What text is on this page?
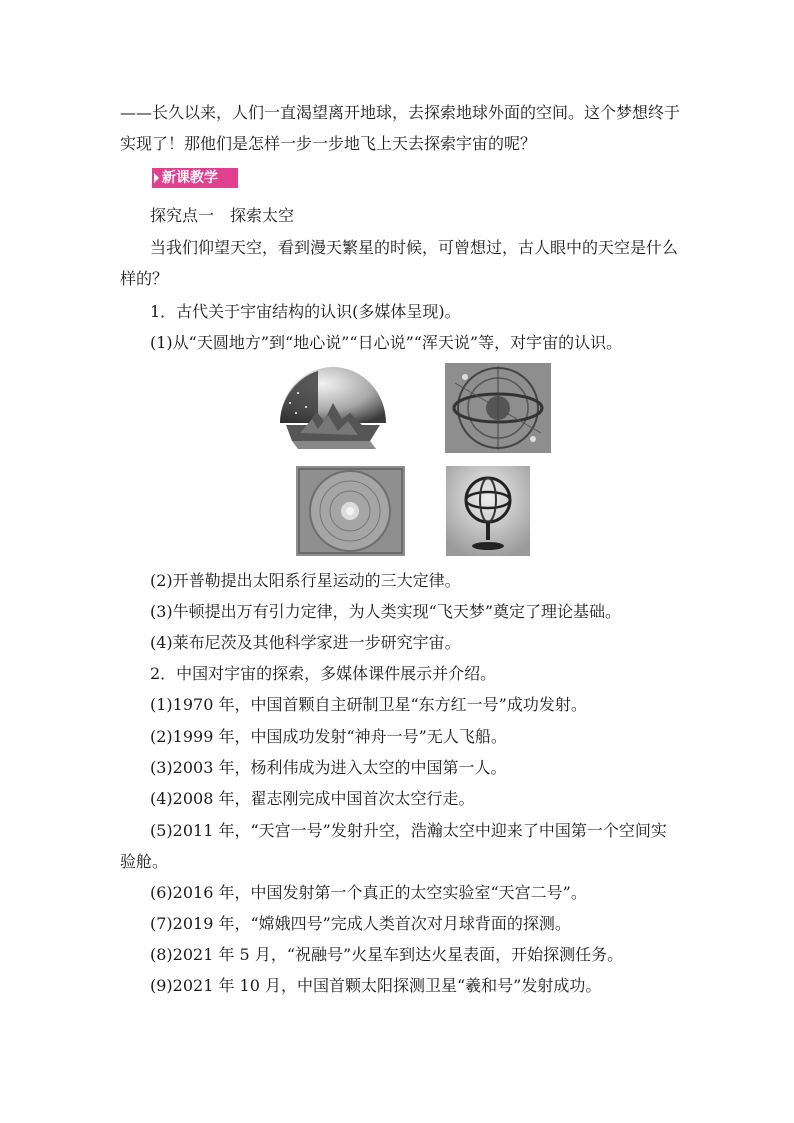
——长久以来，人们一直渴望离开地球，去探索地球外面的空间。这个梦想终于
实现了！那他们是怎样一步一步地飞上天去探索宇宙的呢？
新课教学
探究点一　探索太空
当我们仰望天空，看到漫天繁星的时候，可曾想过，古人眼中的天空是什么
样的？
1．古代关于宇宙结构的认识(多媒体呈现)。
(1)从“天圆地方”到“地心说”“日心说”“浑天说”等，对宇宙的认识。
(2)开普勒提出太阳系行星运动的三大定律。
(3)牛顿提出万有引力定律，为人类实现“飞天梦”奠定了理论基础。
(4)莱布尼茨及其他科学家进一步研究宇宙。
2．中国对宇宙的探索，多媒体课件展示并介绍。
(1)1970 年，中国首颗自主研制卫星“东方红一号”成功发射。
(2)1999 年，中国成功发射“神舟一号”无人飞船。
(3)2003 年，杨利伟成为进入太空的中国第一人。
(4)2008 年，翟志刚完成中国首次太空行走。
(5)2011 年，“天宫一号”发射升空，浩瀚太空中迎来了中国第一个空间实
验舱。
(6)2016 年，中国发射第一个真正的太空实验室“天宫二号”。
(7)2019 年，“嫦娥四号”完成人类首次对月球背面的探测。
(8)2021 年 5 月，“祝融号”火星车到达火星表面，开始探测任务。
(9)2021 年 10 月，中国首颗太阳探测卫星“羲和号”发射成功。
